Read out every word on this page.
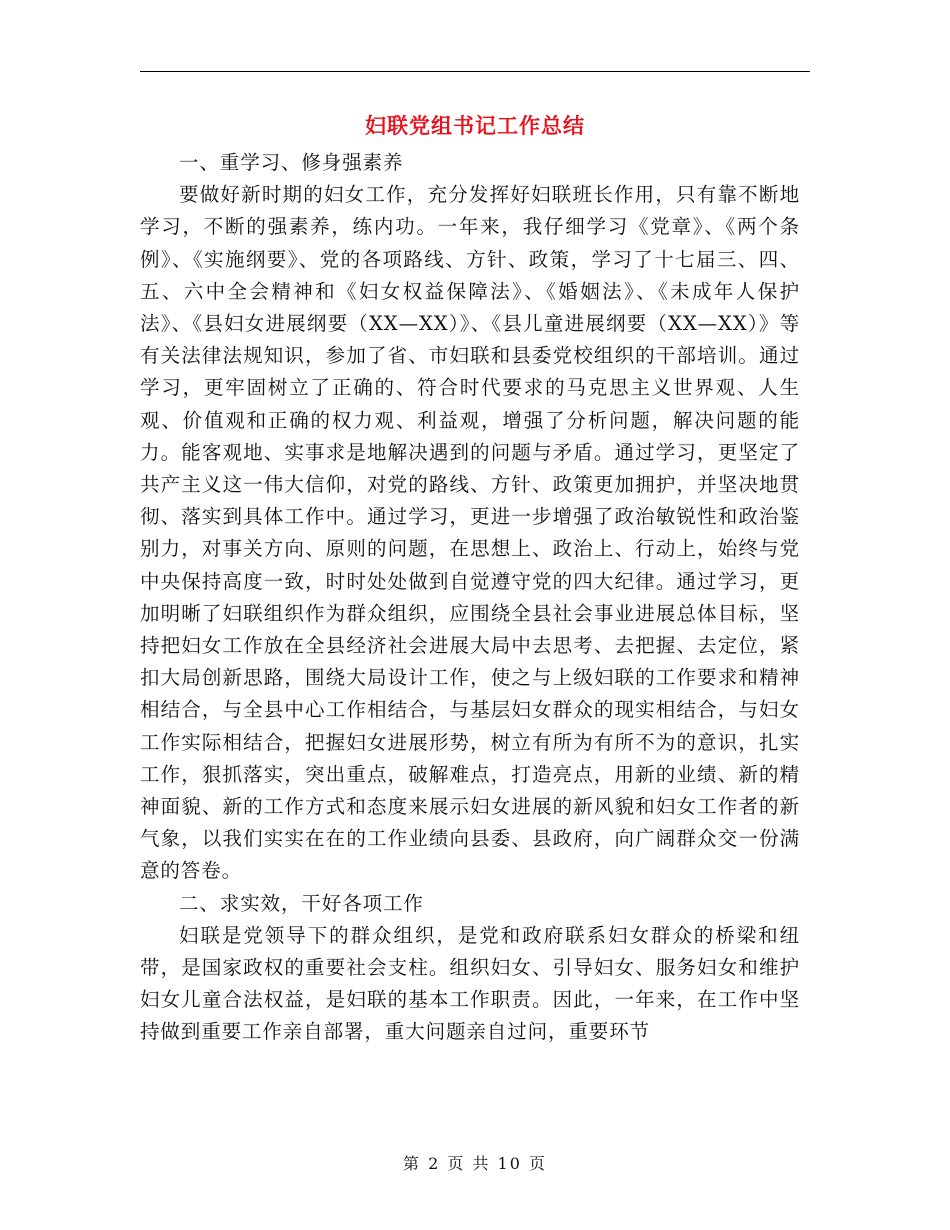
妇联党组书记工作总结

一、重学习、修身强素养

要做好新时期的妇女工作，充分发挥好妇联班长作用，只有靠不断地学习，不断的强素养，练内功。一年来，我仔细学习《党章》、《两个条例》、《实施纲要》、党的各项路线、方针、政策，学习了十七届三、四、五、六中全会精神和《妇女权益保障法》、《婚姻法》、《未成年人保护法》、《县妇女进展纲要（XX—XX）》、《县儿童进展纲要（XX—XX）》等有关法律法规知识，参加了省、市妇联和县委党校组织的干部培训。通过学习，更牢固树立了正确的、符合时代要求的马克思主义世界观、人生观、价值观和正确的权力观、利益观，增强了分析问题，解决问题的能力。能客观地、实事求是地解决遇到的问题与矛盾。通过学习，更坚定了共产主义这一伟大信仰，对党的路线、方针、政策更加拥护，并坚决地贯彻、落实到具体工作中。通过学习，更进一步增强了政治敏锐性和政治鉴别力，对事关方向、原则的问题，在思想上、政治上、行动上，始终与党中央保持高度一致，时时处处做到自觉遵守党的四大纪律。通过学习，更加明晰了妇联组织作为群众组织，应围绕全县社会事业进展总体目标，坚持把妇女工作放在全县经济社会进展大局中去思考、去把握、去定位，紧扣大局创新思路，围绕大局设计工作，使之与上级妇联的工作要求和精神相结合，与全县中心工作相结合，与基层妇女群众的现实相结合，与妇女工作实际相结合，把握妇女进展形势，树立有所为有所不为的意识，扎实工作，狠抓落实，突出重点，破解难点，打造亮点，用新的业绩、新的精神面貌、新的工作方式和态度来展示妇女进展的新风貌和妇女工作者的新气象，以我们实实在在的工作业绩向县委、县政府，向广阔群众交一份满意的答卷。

二、求实效，干好各项工作

妇联是党领导下的群众组织，是党和政府联系妇女群众的桥梁和纽带，是国家政权的重要社会支柱。组织妇女、引导妇女、服务妇女和维护妇女儿童合法权益，是妇联的基本工作职责。因此，一年来，在工作中坚持做到重要工作亲自部署，重大问题亲自过问，重要环节

第 2 页 共 10 页
